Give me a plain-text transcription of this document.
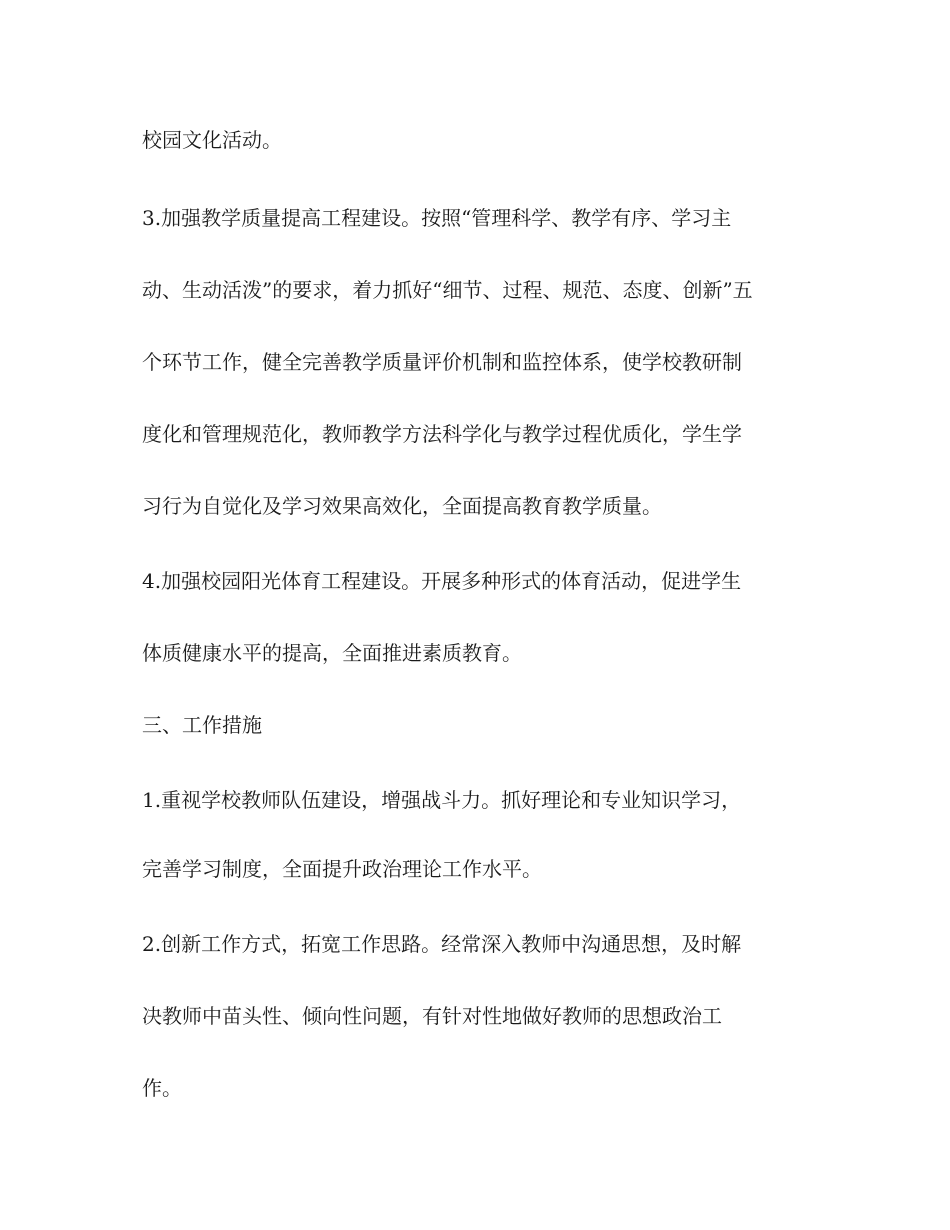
校园文化活动。
3.加强教学质量提高工程建设。按照“管理科学、教学有序、学习主
动、生动活泼”的要求，着力抓好“细节、过程、规范、态度、创新”五
个环节工作，健全完善教学质量评价机制和监控体系，使学校教研制
度化和管理规范化，教师教学方法科学化与教学过程优质化，学生学
习行为自觉化及学习效果高效化，全面提高教育教学质量。
4.加强校园阳光体育工程建设。开展多种形式的体育活动，促进学生
体质健康水平的提高，全面推进素质教育。
三、工作措施
1.重视学校教师队伍建设，增强战斗力。抓好理论和专业知识学习，
完善学习制度，全面提升政治理论工作水平。
2.创新工作方式，拓宽工作思路。经常深入教师中沟通思想，及时解
决教师中苗头性、倾向性问题，有针对性地做好教师的思想政治工
作。
